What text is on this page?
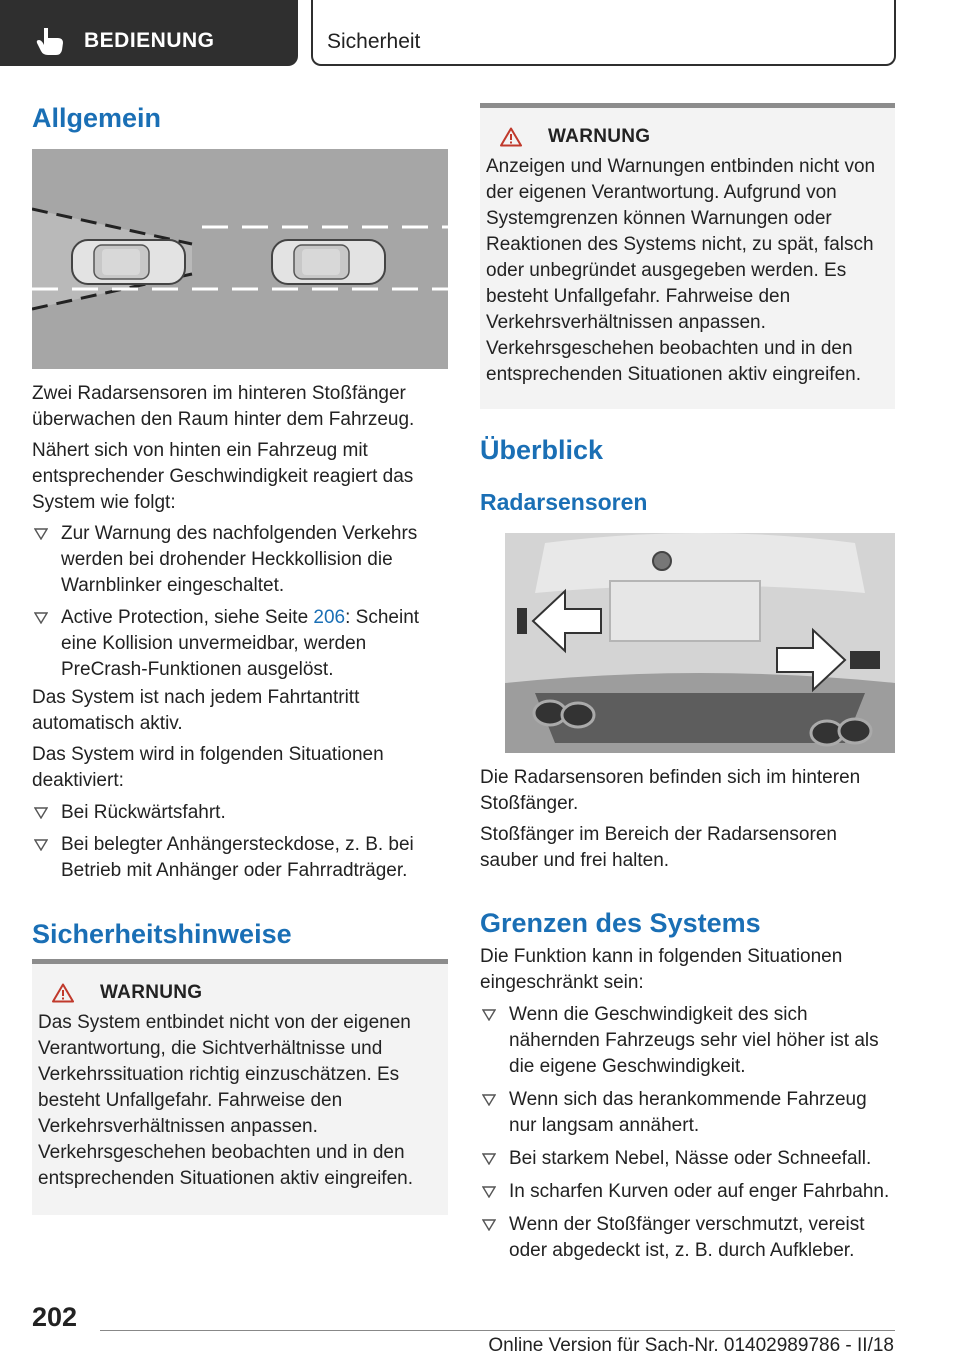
BEDIENUNG	Sicherheit
Allgemein

Zwei Radarsensoren im hinteren Stoßfänger überwachen den Raum hinter dem Fahrzeug.

Nähert sich von hinten ein Fahrzeug mit entsprechender Geschwindigkeit reagiert das System wie folgt:

Zur Warnung des nachfolgenden Verkehrs werden bei drohender Heckkollision die Warnblinker eingeschaltet.
Active Protection, siehe Seite 206: Scheint eine Kollision unvermeidbar, werden PreCrash-Funktionen ausgelöst.

Das System ist nach jedem Fahrtantritt automatisch aktiv.

Das System wird in folgenden Situationen deaktiviert:

Bei Rückwärtsfahrt.
Bei belegter Anhängersteckdose, z. B. bei Betrieb mit Anhänger oder Fahrradträger.
Sicherheitshinweise
WARNUNG

Das System entbindet nicht von der eigenen Verantwortung, die Sichtverhältnisse und Verkehrssituation richtig einzuschätzen. Es besteht Unfallgefahr. Fahrweise den Verkehrsverhältnissen anpassen. Verkehrsgeschehen beobachten und in den entsprechenden Situationen aktiv eingreifen.

WARNUNG

Anzeigen und Warnungen entbinden nicht von der eigenen Verantwortung. Aufgrund von Systemgrenzen können Warnungen oder Reaktionen des Systems nicht, zu spät, falsch oder unbegründet ausgegeben werden. Es besteht Unfallgefahr. Fahrweise den Verkehrsverhältnissen anpassen. Verkehrsgeschehen beobachten und in den entsprechenden Situationen aktiv eingreifen.

Überblick
Radarsensoren

Die Radarsensoren befinden sich im hinteren Stoßfänger.

Stoßfänger im Bereich der Radarsensoren sauber und frei halten.

Grenzen des Systems

Die Funktion kann in folgenden Situationen eingeschränkt sein:

Wenn die Geschwindigkeit des sich nähernden Fahrzeugs sehr viel höher ist als die eigene Geschwindigkeit.
Wenn sich das herankommende Fahrzeug nur langsam annähert.
Bei starkem Nebel, Nässe oder Schneefall.
In scharfen Kurven oder auf enger Fahrbahn.
Wenn der Stoßfänger verschmutzt, vereist oder abgedeckt ist, z. B. durch Aufkleber.
202
Online Version für Sach-Nr. 01402989786 - II/18
